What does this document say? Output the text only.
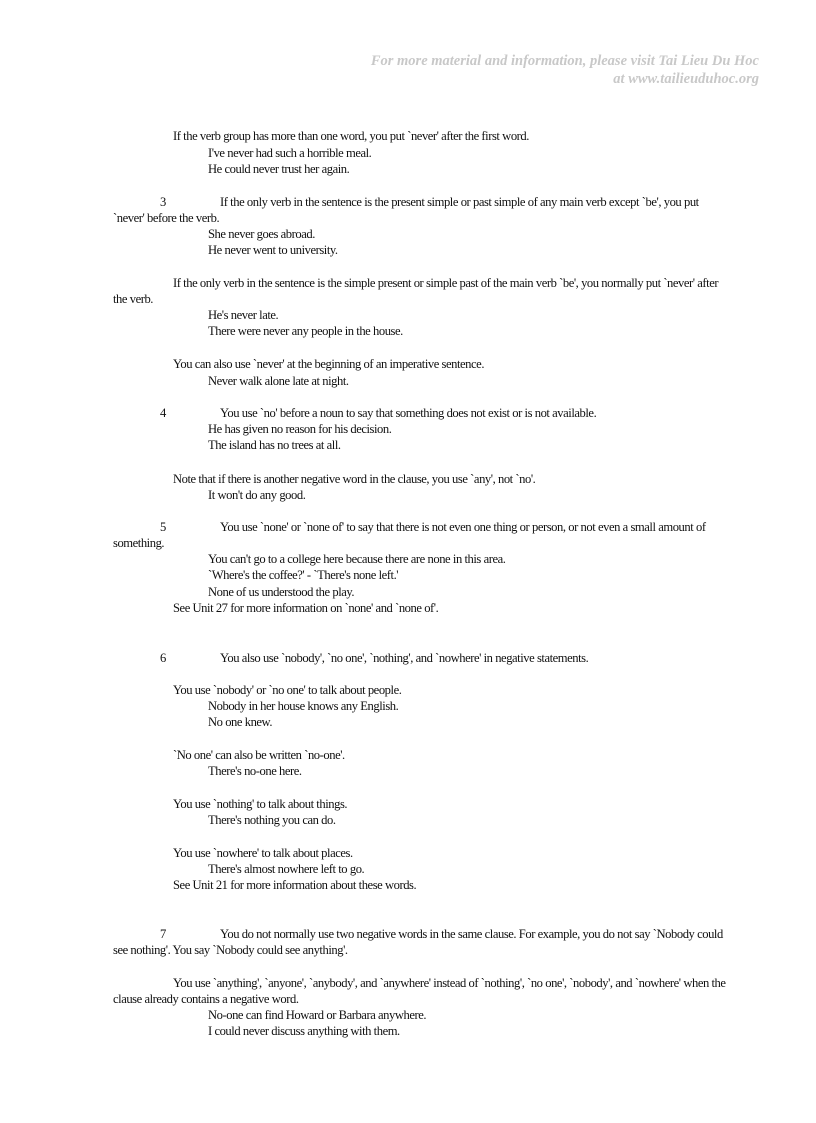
For more material and information, please visit Tai Lieu Du Hoc
at www.tailieuduhoc.org
If the verb group has more than one word, you put `never' after the first word.
I've never had such a horrible meal.
He could never trust her again.
3	If the only verb in the sentence is the present simple or past simple of any main verb except `be', you put
`never' before the verb.
She never goes abroad.
He never went to university.
If the only verb in the sentence is the simple present or simple past of the main verb `be', you normally put `never' after
the verb.
He's never late.
There were never any people in the house.
You can also use `never' at the beginning of an imperative sentence.
Never walk alone late at night.
4	You use `no' before a noun to say that something does not exist or is not available.
He has given no reason for his decision.
The island has no trees at all.
Note that if there is another negative word in the clause, you use `any', not `no'.
It won't do any good.
5	You use `none' or `none of' to say that there is not even one thing or person, or not even a small amount of
something.
You can't go to a college here because there are none in this area.
`Where's the coffee?' - `There's none left.'
None of us understood the play.
See Unit 27 for more information on `none' and `none of'.
6	You also use `nobody', `no one', `nothing', and `nowhere' in negative statements.
You use `nobody' or `no one' to talk about people.
Nobody in her house knows any English.
No one knew.
`No one' can also be written `no-one'.
There's no-one here.
You use `nothing' to talk about things.
There's nothing you can do.
You use `nowhere' to talk about places.
There's almost nowhere left to go.
See Unit 21 for more information about these words.
7	You do not normally use two negative words in the same clause. For example, you do not say `Nobody could
see nothing'. You say `Nobody could see anything'.
You use `anything', `anyone', `anybody', and `anywhere' instead of `nothing', `no one', `nobody', and `nowhere' when the
clause already contains a negative word.
No-one can find Howard or Barbara anywhere.
I could never discuss anything with them.
